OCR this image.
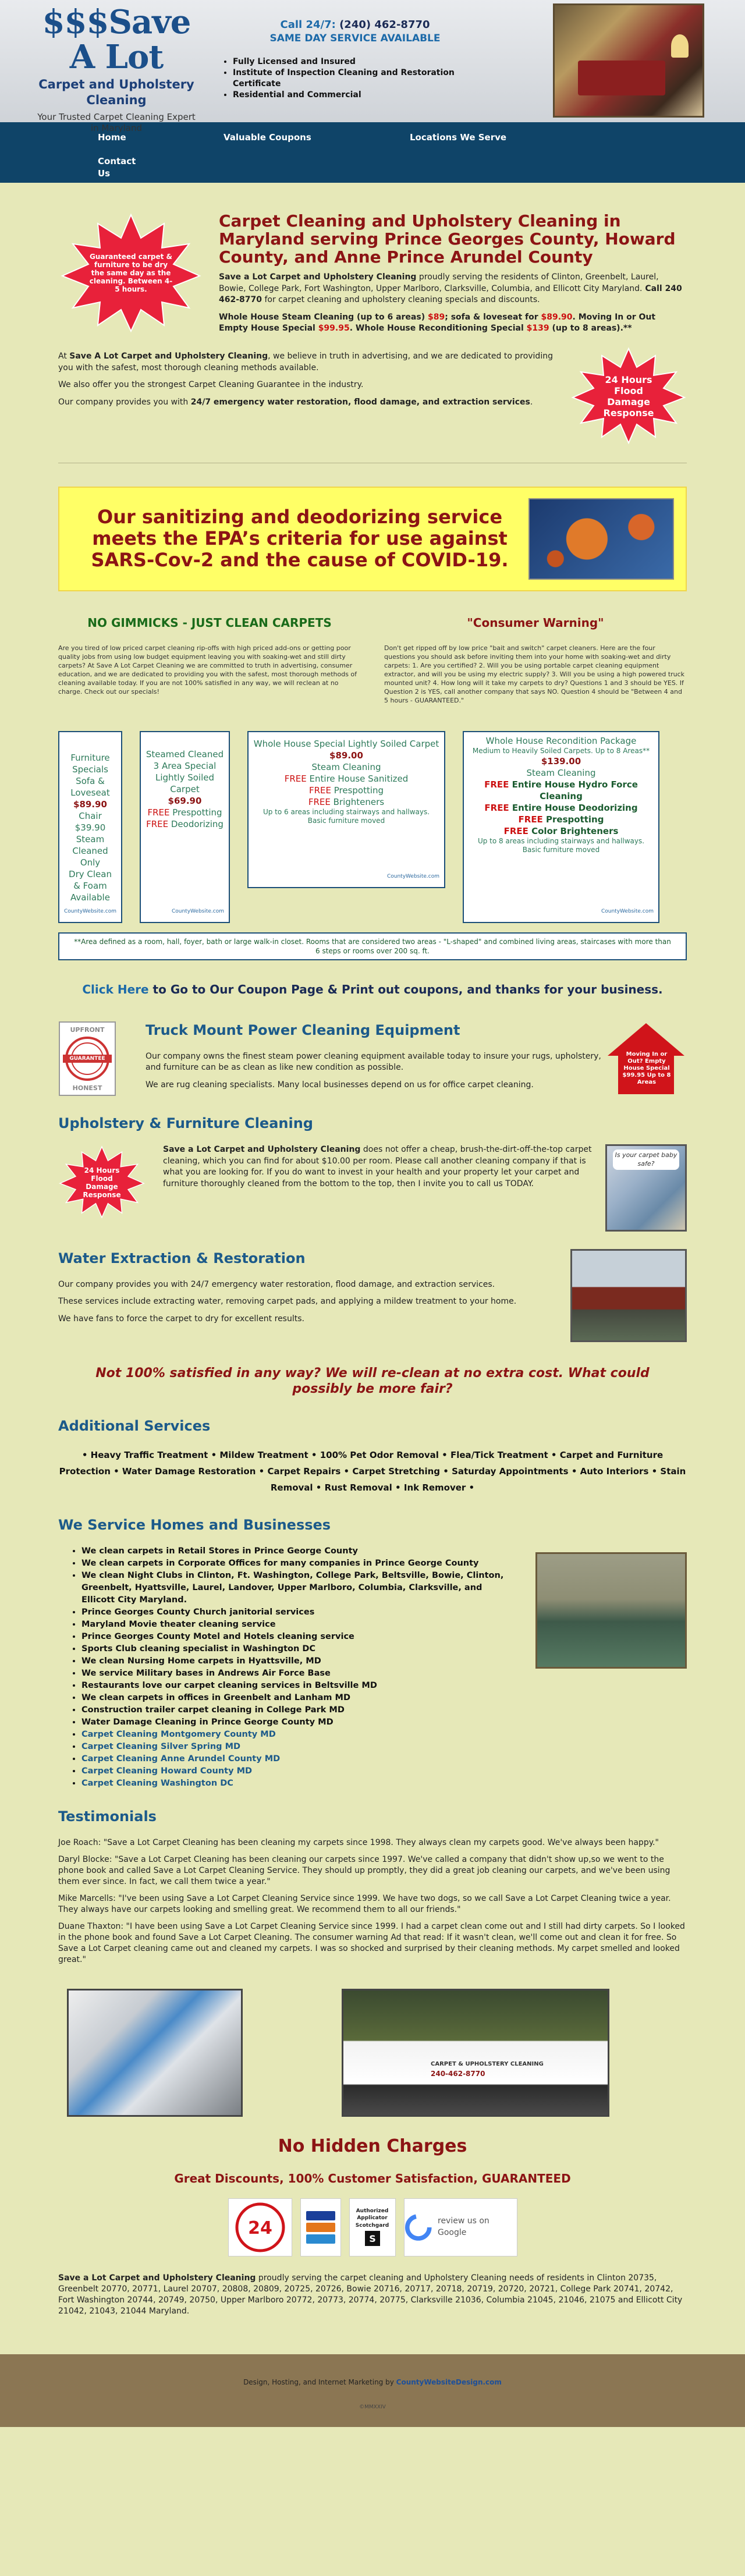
$$$Save A Lot
Carpet and Upholstery Cleaning
Your Trusted Carpet Cleaning Expert in Maryland
Call 24/7: (240) 462-8770
SAME DAY SERVICE AVAILABLE
• Fully Licensed and Insured
• Institute of Inspection Cleaning and Restoration Certificate
• Residential and Commercial
Home	Valuable Coupons	Locations We Serve
Contact Us
Guaranteed carpet & furniture to be dry the same day as the cleaning. Between 4-5 hours.
Carpet Cleaning and Upholstery Cleaning in Maryland serving Prince Georges County, Howard County, and Anne Prince Arundel County

Save a Lot Carpet and Upholstery Cleaning proudly serving the residents of Clinton, Greenbelt, Laurel, Bowie, College Park, Fort Washington, Upper Marlboro, Clarksville, Columbia, and Ellicott City Maryland. Call 240 462-8770 for carpet cleaning and upholstery cleaning specials and discounts.

Whole House Steam Cleaning (up to 6 areas) $89; sofa & loveseat for $89.90. Moving In or Out Empty House Special $99.95. Whole House Reconditioning Special $139 (up to 8 areas).**

At Save A Lot Carpet and Upholstery Cleaning, we believe in truth in advertising, and we are dedicated to providing you with the safest, most thorough cleaning methods available.

We also offer you the strongest Carpet Cleaning Guarantee in the industry.

Our company provides you with 24/7 emergency water restoration, flood damage, and extraction services.

24 Hours Flood Damage Response
Our sanitizing and deodorizing service meets the EPA’s criteria for use against SARS-Cov-2 and the cause of COVID-19.
NO GIMMICKS - JUST CLEAN CARPETS
Are you tired of low priced carpet cleaning rip-offs with high priced add-ons or getting poor quality jobs from using low budget equipment leaving you with soaking-wet and still dirty carpets? At Save A Lot Carpet Cleaning we are committed to truth in advertising, consumer education, and we are dedicated to providing you with the safest, most thorough methods of cleaning available today. If you are not 100% satisfied in any way, we will reclean at no charge. Check out our specials!
"Consumer Warning"
Don't get ripped off by low price "bait and switch" carpet cleaners. Here are the four questions you should ask before inviting them into your home with soaking-wet and dirty carpets: 1. Are you certified? 2. Will you be using portable carpet cleaning equipment extractor, and will you be using my electric supply? 3. Will you be using a high powered truck mounted unit? 4. How long will it take my carpets to dry? Questions 1 and 3 should be YES. If Question 2 is YES, call another company that says NO. Question 4 should be "Between 4 and 5 hours - GUARANTEED."
Furniture Specials Sofa & Loveseat
$89.90
Chair $39.90
Steam Cleaned Only
Dry Clean & Foam Available
CountyWebsite.com
Steamed Cleaned 3 Area Special Lightly Soiled Carpet
$69.90
FREE Prespotting
FREE Deodorizing
CountyWebsite.com
Whole House Special Lightly Soiled Carpet
$89.00
Steam Cleaning
FREE Entire House Sanitized
FREE Prespotting
FREE Brighteners
Up to 6 areas including stairways and hallways. Basic furniture moved
CountyWebsite.com
Whole House Recondition Package
Medium to Heavily Soiled Carpets. Up to 8 Areas**
$139.00
Steam Cleaning
FREE Entire House Hydro Force Cleaning
FREE Entire House Deodorizing
FREE Prespotting
FREE Color Brighteners
Up to 8 areas including stairways and hallways. Basic furniture moved
CountyWebsite.com
**Area defined as a room, hall, foyer, bath or large walk-in closet. Rooms that are considered two areas - "L-shaped" and combined living areas, staircases with more than 6 steps or rooms over 200 sq. ft.
Click Here to Go to Our Coupon Page & Print out coupons, and thanks for your business.
UPFRONT
GUARANTEE
HONEST
Truck Mount Power Cleaning Equipment

Our company owns the finest steam power cleaning equipment available today to insure your rugs, upholstery, and furniture can be as clean as like new condition as possible.

We are rug cleaning specialists. Many local businesses depend on us for office carpet cleaning.

Moving In or Out? Empty House Special $99.95 Up to 8 Areas
Upholstery & Furniture Cleaning
24 Hours Flood Damage Response

Save a Lot Carpet and Upholstery Cleaning does not offer a cheap, brush-the-dirt-off-the-top carpet cleaning, which you can find for about $10.00 per room. Please call another cleaning company if that is what you are looking for. If you do want to invest in your health and your property let your carpet and furniture thoroughly cleaned from the bottom to the top, then I invite you to call us TODAY.

Is your carpet baby safe?
Water Extraction & Restoration

Our company provides you with 24/7 emergency water restoration, flood damage, and extraction services.

These services include extracting water, removing carpet pads, and applying a mildew treatment to your home.

We have fans to force the carpet to dry for excellent results.

Not 100% satisfied in any way? We will re-clean at no extra cost. What could possibly be more fair?
Additional Services
• Heavy Traffic Treatment • Mildew Treatment • 100% Pet Odor Removal • Flea/Tick Treatment • Carpet and Furniture Protection • Water Damage Restoration • Carpet Repairs • Carpet Stretching • Saturday Appointments • Auto Interiors • Stain Removal • Rust Removal • Ink Remover •
We Service Homes and Businesses
• We clean carpets in Retail Stores in Prince George County
• We clean carpets in Corporate Offices for many companies in Prince George County
• We clean Night Clubs in Clinton, Ft. Washington, College Park, Beltsville, Bowie, Clinton, Greenbelt, Hyattsville, Laurel, Landover, Upper Marlboro, Columbia, Clarksville, and Ellicott City Maryland.
• Prince Georges County Church janitorial services
• Maryland Movie theater cleaning service
• Prince Georges County Motel and Hotels cleaning service
• Sports Club cleaning specialist in Washington DC
• We clean Nursing Home carpets in Hyattsville, MD
• We service Military bases in Andrews Air Force Base
• Restaurants love our carpet cleaning services in Beltsville MD
• We clean carpets in offices in Greenbelt and Lanham MD
• Construction trailer carpet cleaning in College Park MD
• Water Damage Cleaning in Prince George County MD
• Carpet Cleaning Montgomery County MD
• Carpet Cleaning Silver Spring MD
• Carpet Cleaning Anne Arundel County MD
• Carpet Cleaning Howard County MD
• Carpet Cleaning Washington DC
Testimonials

Joe Roach: "Save a Lot Carpet Cleaning has been cleaning my carpets since 1998. They always clean my carpets good. We've always been happy."

Daryl Blocke: "Save a Lot Carpet Cleaning has been cleaning our carpets since 1997. We've called a company that didn't show up,so we went to the phone book and called Save a Lot Carpet Cleaning Service. They should up promptly, they did a great job cleaning our carpets, and we've been using them ever since. In fact, we call them twice a year."

Mike Marcells: "I've been using Save a Lot Carpet Cleaning Service since 1999. We have two dogs, so we call Save a Lot Carpet Cleaning twice a year. They always have our carpets looking and smelling great. We recommend them to all our friends."

Duane Thaxton: "I have been using Save a Lot Carpet Cleaning Service since 1999. I had a carpet clean come out and I still had dirty carpets. So I looked in the phone book and found Save a Lot Carpet Cleaning. The consumer warning Ad that read: If it wasn't clean, we'll come out and clean it for free. So Save a Lot Carpet cleaning came out and cleaned my carpets. I was so shocked and surprised by their cleaning methods. My carpet smelled and looked great."

CARPET & UPHOLSTERY CLEANING
240-462-8770
No Hidden Charges
Great Discounts, 100% Customer Satisfaction, GUARANTEED
24
Authorized Applicator Scotchgard
S
review us on Google
Save a Lot Carpet and Upholstery Cleaning proudly serving the carpet cleaning and Upholstery Cleaning needs of residents in Clinton 20735, Greenbelt 20770, 20771, Laurel 20707, 20808, 20809, 20725, 20726, Bowie 20716, 20717, 20718, 20719, 20720, 20721, College Park 20741, 20742, Fort Washington 20744, 20749, 20750, Upper Marlboro 20772, 20773, 20774, 20775, Clarksville 21036, Columbia 21045, 21046, 21075 and Ellicott City 21042, 21043, 21044 Maryland.
Design, Hosting, and Internet Marketing by CountyWebsiteDesign.com
©MMXXIV
